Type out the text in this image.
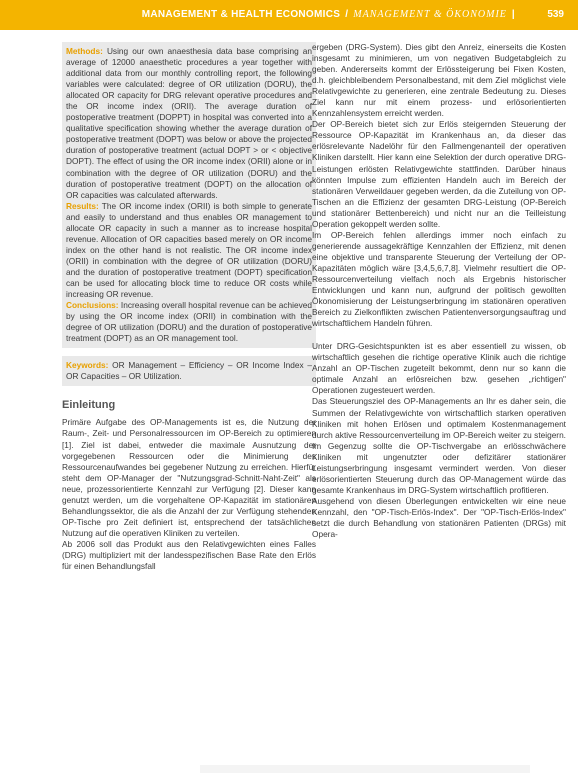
MANAGEMENT & HEALTH ECONOMICS / MANAGEMENT & ÖKONOMIE |	539

Methods: Using our own anaesthesia data base comprising an average of 12000 anaesthetic procedures a year together with additional data from our monthly controlling report, the following variables were calculated: degree of OR utilization (DORU), the allocated OR capacity for DRG relevant operative procedures and the OR income index (ORII). The average duration of postoperative treatment (DOPPT) in hospital was converted into a qualitative specification showing whether the average duration of postoperative treatment (DOPT) was below or above the projected duration of postoperative treatment (actual DOPT > or < objective DOPT). The effect of using the OR income index (ORII) alone or in combination with the degree of OR utilization (DORU) and the duration of postoperative treatment (DOPT) on the allocation of OR capacities was calculated afterwards.

Results: The OR income index (ORII) is both simple to generate and easily to understand and thus enables OR management to allocate OR capacity in such a manner as to increase hospital revenue. Allocation of OR capacities based merely on OR income index on the other hand is not realistic. The OR income index (ORII) in combination with the degree of OR utilization (DORU) and the duration of postoperative treatment (DOPT) specification can be used for allocating block time to reduce OR costs while increasing OR revenue.

Conclusions: Increasing overall hospital revenue can be achieved by using the OR income index (ORII) in combination with the degree of OR utilization (DORU) and the duration of postoperative treatment (DOPT) as an OR management tool.

Keywords: OR Management – Efficiency – OR Income Index – OR Capacities – OR Utilization.

Einleitung

Primäre Aufgabe des OP-Managements ist es, die Nutzung der Raum-, Zeit- und Personalressourcen im OP-Bereich zu optimieren [1]. Ziel ist dabei, entweder die maximale Ausnutzung der vorgegebenen Ressourcen oder die Minimierung des Ressourcenaufwandes bei gegebener Nutzung zu erreichen. Hierfür steht dem OP-Manager der "Nutzungsgrad-Schnitt-Naht-Zeit" als neue, prozessorientierte Kennzahl zur Verfügung [2]. Dieser kann genutzt werden, um die vorgehaltene OP-Kapazität im stationären Behandlungssektor, die als die Anzahl der zur Verfügung stehenden OP-Tische pro Zeit definiert ist, entsprechend der tatsächlichen Nutzung auf die operativen Kliniken zu verteilen.

Ab 2006 soll das Produkt aus den Relativgewichten eines Falles (DRG) multipliziert mit der landesspezifischen Base Rate den Erlös für einen Behandlungsfall

ergeben (DRG-System). Dies gibt den Anreiz, einerseits die Kosten insgesamt zu minimieren, um von negativen Budgetabgleich zu geben. Andererseits kommt der Erlössteigerung bei Fixen Kosten, d.h. gleichbleibendem Personalbestand, mit dem Ziel möglichst viele Relativgewichte zu generieren, eine zentrale Bedeutung zu. Dieses Ziel kann nur mit einem prozess- und erlösorientierten Kennzahlensystem erreicht werden.

Der OP-Bereich bietet sich zur Erlös steigernden Steuerung der Ressource OP-Kapazität im Krankenhaus an, da dieser das erlösrelevante Nadelöhr für den Fallmengenanteil der operativen Kliniken darstellt. Hier kann eine Selektion der durch operative DRG-Leistungen erlösten Relativgewichte stattfinden. Darüber hinaus könnten Impulse zum effizienten Handeln auch im Bereich der stationären Verweildauer gegeben werden, da die Zuteilung von OP-Tischen an die Effizienz der gesamten DRG-Leistung (OP-Bereich und stationärer Bettenbereich) und nicht nur an die Teilleistung Operation gekoppelt werden sollte.

Im OP-Bereich fehlen allerdings immer noch einfach zu generierende aussagekräftige Kennzahlen der Effizienz, mit denen eine objektive und transparente Steuerung der Verteilung der OP-Kapazitäten möglich wäre [3,4,5,6,7,8]. Vielmehr resultiert die OP-Ressourcenverteilung vielfach noch als Ergebnis historischer Entwicklungen und kann nun, aufgrund der politisch gewollten Ökonomisierung der Leistungserbringung im stationären operativen Bereich zu Zielkonflikten zwischen Patientenversorgungsauftrag und wirtschaftlichem Handeln führen.

Unter DRG-Gesichtspunkten ist es aber essentiell zu wissen, ob wirtschaftlich gesehen die richtige operative Klinik auch die richtige Anzahl an OP-Tischen zugeteilt bekommt, denn nur so kann die optimale Anzahl an erlösreichen bzw. gesehen „richtigen" Operationen zugesteuert werden.

Das Steuerungsziel des OP-Managements an Ihr es daher sein, die Summen der Relativgewichte von wirtschaftlich starken operativen Kliniken mit hohen Erlösen und optimalem Kostenmanagement durch aktive Ressourcenverteilung im OP-Bereich weiter zu steigern. Im Gegenzug sollte die OP-Tischvergabe an erlösschwächere Kliniken mit ungenutzter oder defizitärer stationärer Leistungserbringung insgesamt vermindert werden. Von dieser erlösorientierten Steuerung durch das OP-Management würde das gesamte Krankenhaus im DRG-System wirtschaftlich profitieren.

Ausgehend von diesen Überlegungen entwickelten wir eine neue Kennzahl, den "OP-Tisch-Erlös-Index". Der "OP-Tisch-Erlös-Index" setzt die durch Behandlung von stationären Patienten (DRGs) mit Opera-
